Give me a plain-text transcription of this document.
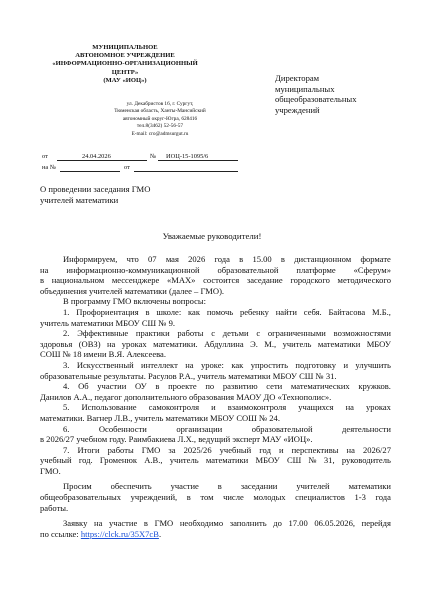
МУНИЦИПАЛЬНОЕ
АВТОНОМНОЕ УЧРЕЖДЕНИЕ
«ИНФОРМАЦИОННО-ОРГАНИЗАЦИОННЫЙ
ЦЕНТР»
(МАУ «ИОЦ»)
ул. Декабристов 16, г. Сургут,
Тюменская область, Ханты-Мансийский
автономный округ-Югра, 628416
тел.8(3462) 52-56-57
E-mail: cro@admsurgut.ru
Директорам
муниципальных
общеобразовательных
учреждений
от	24.04.2026	№ ИОЦ-15-1095/6
на №	от
О проведении заседания ГМО
учителей математики
Уважаемые руководители!
Информируем, что 07 мая 2026 года в 15.00 в дистанционном формате
на информационно-коммуникационной образовательной платформе «Сферум»
в национальном мессенджере «MAX» состоится заседание городского методического
объединения учителей математики (далее – ГМО).
В программу ГМО включены вопросы:
1. Профориентация в школе: как помочь ребенку найти себя. Байтасова М.Б.,
учитель математики МБОУ СШ № 9.
2. Эффективные практики работы с детьми с ограниченными возможностями
здоровья (ОВЗ) на уроках математики. Абдуллина Э. М., учитель математики МБОУ
СОШ № 18 имени В.Я. Алексеева.
3. Искусственный интеллект на уроке: как упростить подготовку и улучшить
образовательные результаты. Расулов Р.А., учитель математики МБОУ СШ № 31.
4. Об участии ОУ в проекте по развитию сети математических кружков.
Данилов А.А., педагог дополнительного образования МАОУ ДО «Технополис».
5. Использование самоконтроля и взаимоконтроля учащихся на уроках
математики. Вагнер Л.В., учитель математики МБОУ СОШ № 24.
6.	Особенности	организации	образовательной	деятельности
в 2026/27 учебном году. Раимбакиева Л.Х., ведущий эксперт МАУ «ИОЦ».
7. Итоги работы ГМО за 2025/26 учебный год и перспективы на 2026/27
учебный год. Громенюк А.В., учитель математики МБОУ СШ № 31, руководитель
ГМО.
Просим обеспечить участие в заседании учителей математики
общеобразовательных учреждений, в том числе молодых специалистов 1-3 года
работы.
Заявку на участие в ГМО необходимо заполнить до 17.00 06.05.2026, перейдя
по ссылке: https://clck.ru/35X7cB.
